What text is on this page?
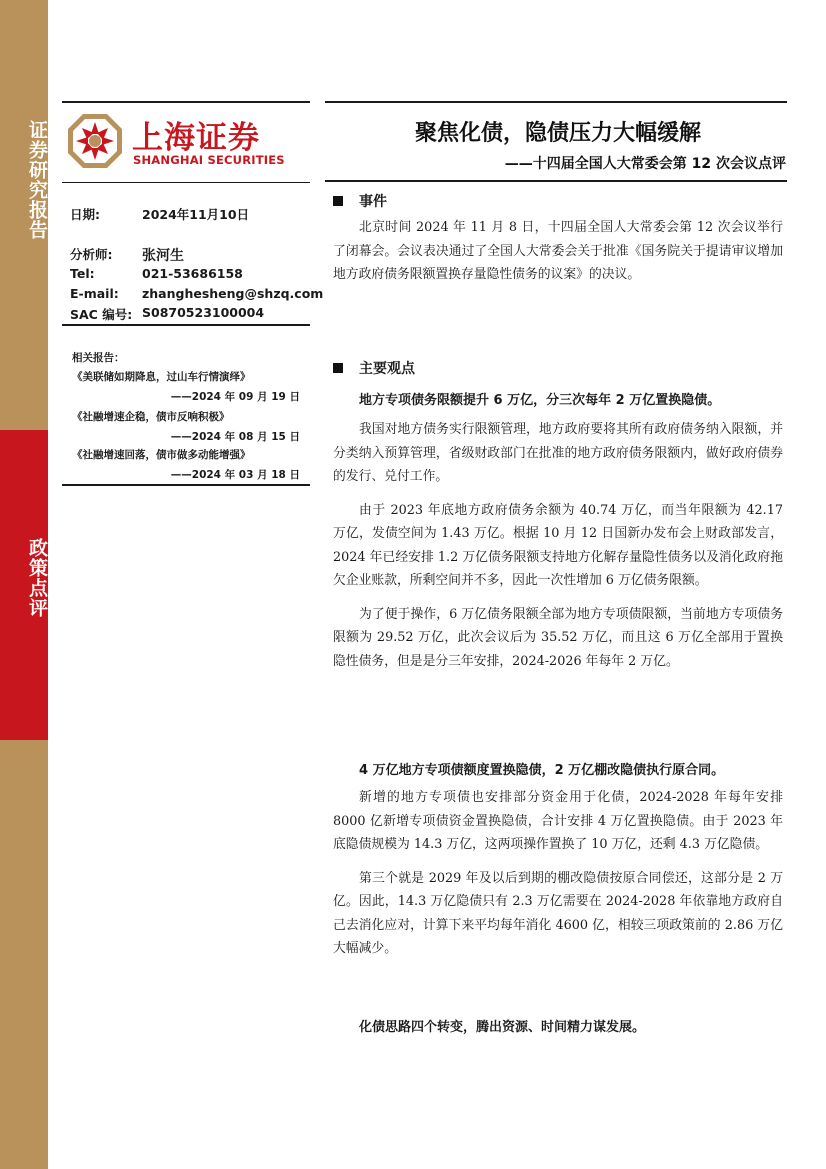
证券研究报告
政策点评
上海证券
SHANGHAI SECURITIES
聚焦化债，隐债压力大幅缓解
——十四届全国人大常委会第 12 次会议点评
日期:	2024年11月10日
分析师: 张河生
Tel:	021-53686158
E-mail: zhanghesheng@shzq.com
SAC 编号: S0870523100004
相关报告：
《美联储如期降息，过山车行情演绎》
——2024 年 09 月 19 日
《社融增速企稳，债市反响积极》
——2024 年 08 月 15 日
《社融增速回落，债市做多动能增强》
——2024 年 03 月 18 日
事件

北京时间 2024 年 11 月 8 日，十四届全国人大常委会第 12 次会议举行了闭幕会。会议表决通过了全国人大常委会关于批准《国务院关于提请审议增加地方政府债务限额置换存量隐性债务的议案》的决议。

主要观点
地方专项债务限额提升 6 万亿，分三次每年 2 万亿置换隐债。

我国对地方债务实行限额管理，地方政府要将其所有政府债务纳入限额，并分类纳入预算管理，省级财政部门在批准的地方政府债务限额内，做好政府债券的发行、兑付工作。

由于 2023 年底地方政府债务余额为 40.74 万亿，而当年限额为 42.17 万亿，发债空间为 1.43 万亿。根据 10 月 12 日国新办发布会上财政部发言，2024 年已经安排 1.2 万亿债务限额支持地方化解存量隐性债务以及消化政府拖欠企业账款，所剩空间并不多，因此一次性增加 6 万亿债务限额。

为了便于操作，6 万亿债务限额全部为地方专项债限额，当前地方专项债务限额为 29.52 万亿，此次会议后为 35.52 万亿，而且这 6 万亿全部用于置换隐性债务，但是是分三年安排，2024-2026 年每年 2 万亿。

4 万亿地方专项债额度置换隐债，2 万亿棚改隐债执行原合同。

新增的地方专项债也安排部分资金用于化债，2024-2028 年每年安排 8000 亿新增专项债资金置换隐债，合计安排 4 万亿置换隐债。由于 2023 年底隐债规模为 14.3 万亿，这两项操作置换了 10 万亿，还剩 4.3 万亿隐债。

第三个就是 2029 年及以后到期的棚改隐债按原合同偿还，这部分是 2 万亿。因此，14.3 万亿隐债只有 2.3 万亿需要在 2024-2028 年依靠地方政府自己去消化应对，计算下来平均每年消化 4600 亿，相较三项政策前的 2.86 万亿大幅减少。

化债思路四个转变，腾出资源、时间精力谋发展。
